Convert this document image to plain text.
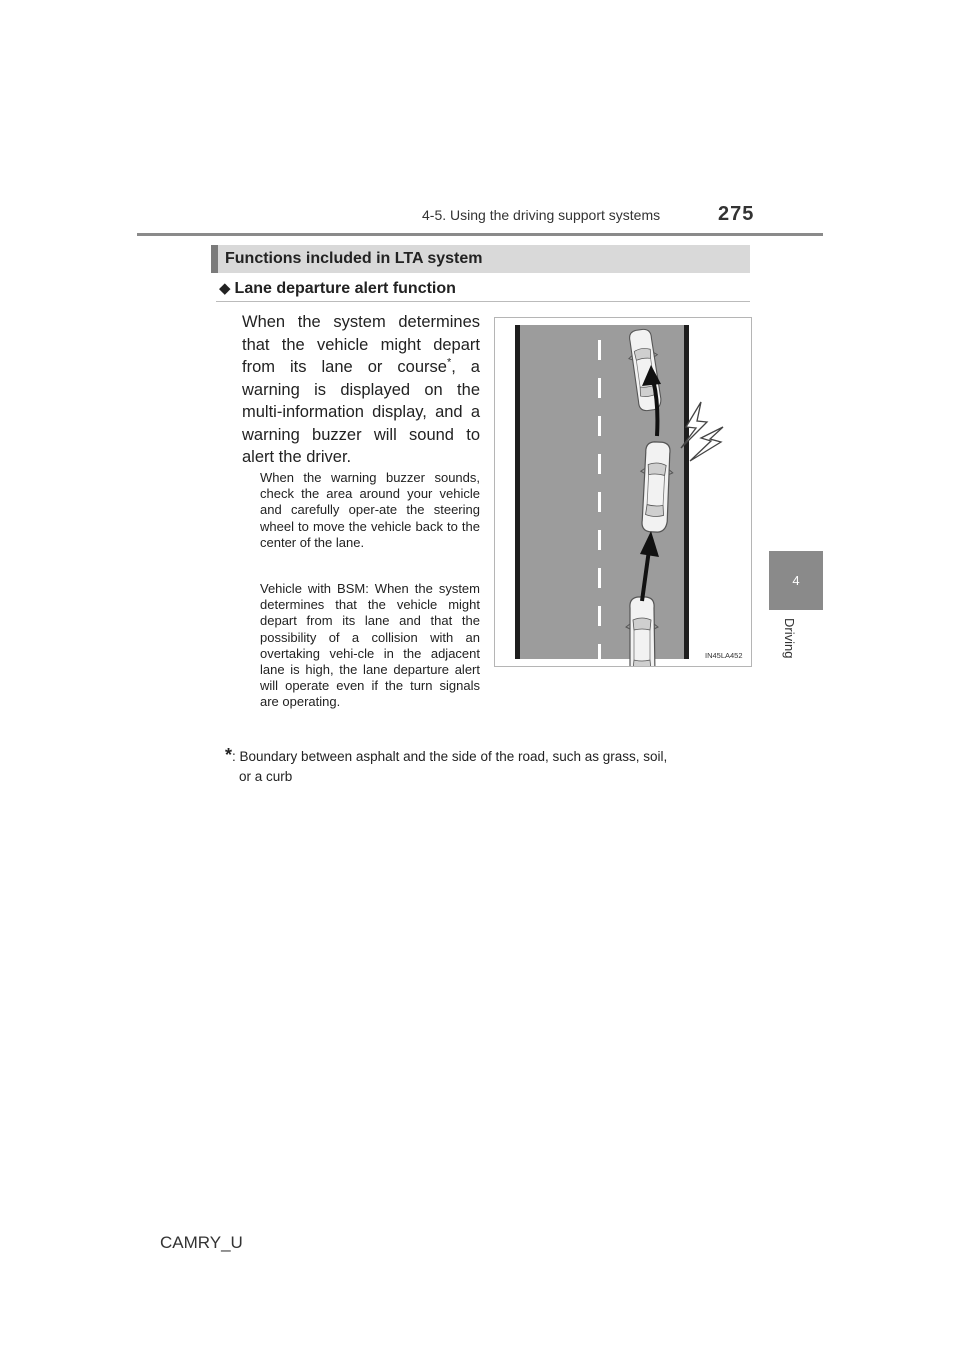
4-5. Using the driving support systems	275
4
Driving
Functions included in LTA system
◆ Lane departure alert function
When the system determines that the vehicle might depart from its lane or course*, a warning is displayed on the multi-information display, and a warning buzzer will sound to alert the driver.
When the warning buzzer sounds, check the area around your vehicle and carefully oper-ate the steering wheel to move the vehicle back to the center of the lane.
Vehicle with BSM: When the system determines that the vehicle might depart from its lane and that the possibility of a collision with an overtaking vehi-cle in the adjacent lane is high, the lane departure alert will operate even if the turn signals are operating.
*: Boundary between asphalt and the side of the road, such as grass, soil,
or a curb
IN45LA452
CAMRY_U
